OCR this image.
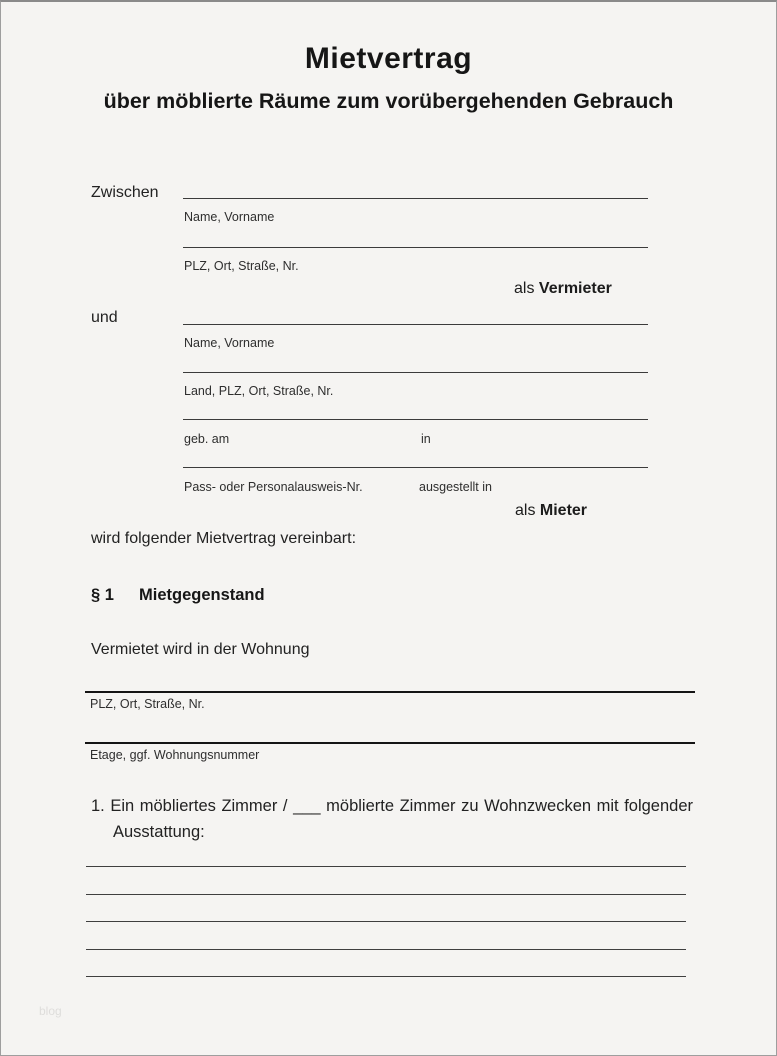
Mietvertrag
über möblierte Räume zum vorübergehenden Gebrauch
Zwischen
Name, Vorname
PLZ, Ort, Straße, Nr.
als Vermieter
und
Name, Vorname
Land, PLZ, Ort, Straße, Nr.
geb. am	in
Pass- oder Personalausweis-Nr.	ausgestellt in
als Mieter
wird folgender Mietvertrag vereinbart:
§ 1 Mietgegenstand
Vermietet wird in der Wohnung
PLZ, Ort, Straße, Nr.
Etage, ggf. Wohnungsnummer
1. Ein möbliertes Zimmer / ___ möblierte Zimmer zu Wohnzwecken mit folgender
Ausstattung:
blog
